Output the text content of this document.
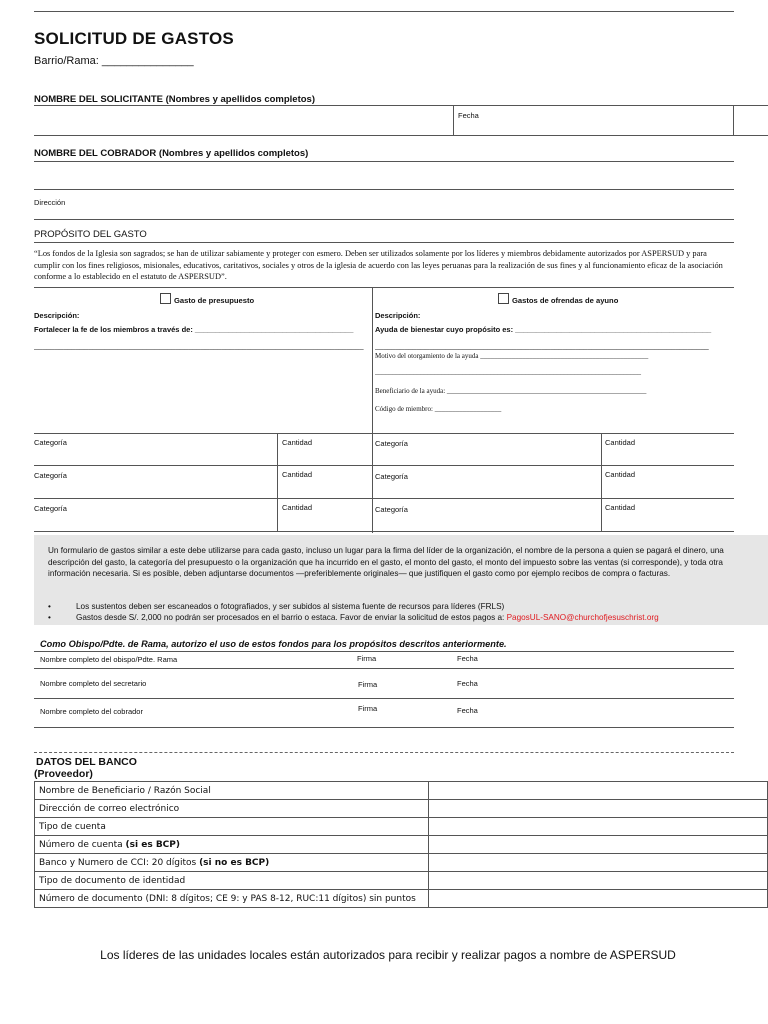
SOLICITUD DE GASTOS
Barrio/Rama: _______________
NOMBRE DEL SOLICITANTE (Nombres y apellidos completos)
Fecha
NOMBRE DEL COBRADOR (Nombres y apellidos completos)
Dirección
PROPÓSITO DEL GASTO
“Los fondos de la Iglesia son sagrados; se han de utilizar sabiamente y proteger con esmero. Deben ser utilizados solamente por los líderes y miembros debidamente autorizados por ASPERSUD y para cumplir con los fines religiosos, misionales, educativos, caritativos, sociales y otros de la iglesia de acuerdo con las leyes peruanas para la realización de sus fines y al funcionamiento eficaz de la asociación conforme a lo establecido en el estatuto de ASPERSUD”.
Gasto de presupuesto
Descripción:
Fortalecer la fe de los miembros a través de: ______________________________________
_______________________________________________________________________________
Gastos de ofrendas de ayuno
Descripción:
Ayuda de bienestar cuyo propósito es: _______________________________________________
________________________________________________________________________________
Motivo del otorgamiento de la ayuda ________________________________________________
____________________________________________________________________________
Beneficiario de la ayuda: _________________________________________________________
Código de miembro: ___________________
Categoría	Cantidad	Categoría	Cantidad
Categoría	Cantidad	Categoría	Cantidad
Categoría	Cantidad	Categoría	Cantidad

Un formulario de gastos similar a este debe utilizarse para cada gasto, incluso un lugar para la firma del líder de la organización, el nombre de la persona a quien se pagará el dinero, una descripción del gasto, la categoría del presupuesto o la organización que ha incurrido en el gasto, el monto del gasto, el monto del impuesto sobre las ventas (si corresponde), y toda otra información necesaria. Si es posible, deben adjuntarse documentos —preferiblemente originales— que justifiquen el gasto como por ejemplo recibos de compra o facturas.

•	Los sustentos deben ser escaneados o fotografiados, y ser subidos al sistema fuente de recursos para líderes (FRLS)

•	Gastos desde S/. 2,000 no podrán ser procesados en el barrio o estaca. Favor de enviar la solicitud de estos pagos a: PagosUL-SANO@churchofjesuschrist.org

Como Obispo/Pdte. de Rama, autorizo el uso de estos fondos para los propósitos descritos anteriormente.
Nombre completo del obispo/Pdte. Rama	Firma	Fecha
Nombre completo del secretario	Firma	Fecha
Nombre completo del cobrador	Firma	Fecha
DATOS DEL BANCO
(Proveedor)
Nombre de Beneficiario / Razón Social	
Dirección de correo electrónico	
Tipo de cuenta	
Número de cuenta (si es BCP)	
Banco y Numero de CCI: 20 dígitos (si no es BCP)	
Tipo de documento de identidad	
Número de documento (DNI: 8 dígitos; CE 9: y PAS 8-12, RUC:11 dígitos) sin puntos	
Los líderes de las unidades locales están autorizados para recibir y realizar pagos a nombre de ASPERSUD
